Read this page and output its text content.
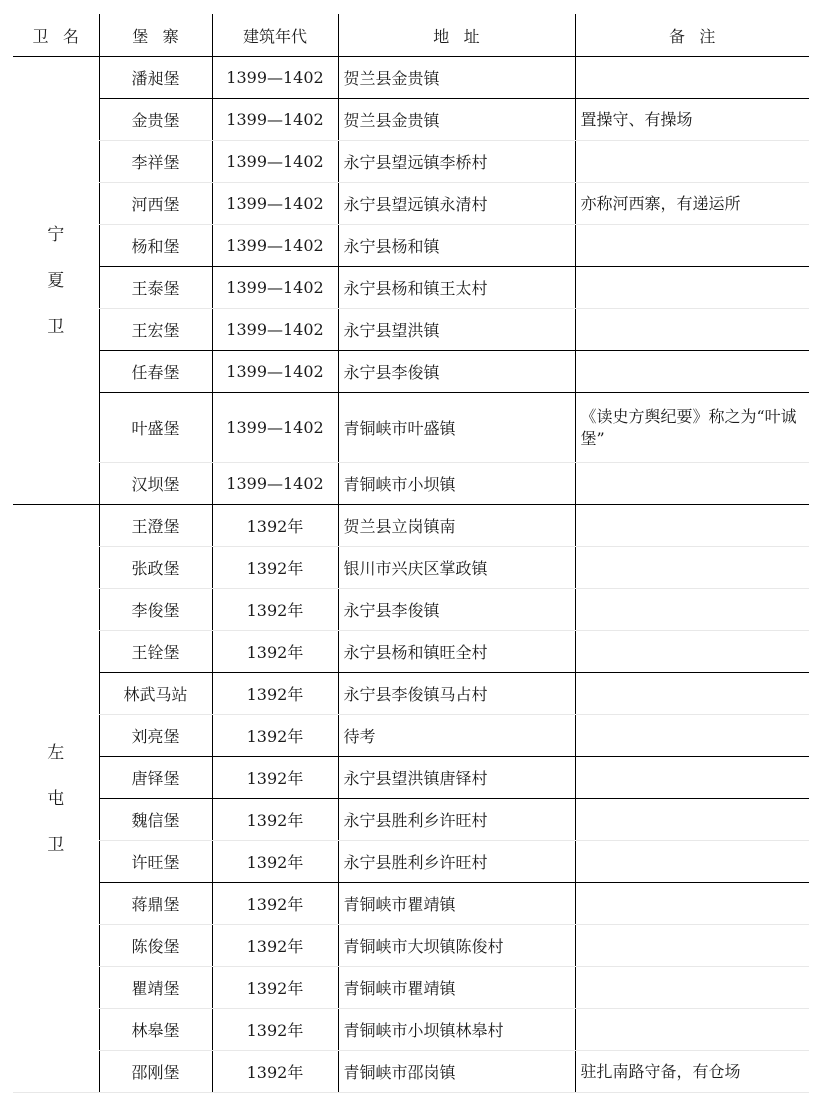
卫名	堡寨	建筑年代	地址	备注
宁夏卫	潘昶堡	1399—1402	贺兰县金贵镇	
	金贵堡	1399—1402	贺兰县金贵镇	置操守、有操场
	李祥堡	1399—1402	永宁县望远镇李桥村	
	河西堡	1399—1402	永宁县望远镇永清村	亦称河西寨，有递运所
	杨和堡	1399—1402	永宁县杨和镇	
	王泰堡	1399—1402	永宁县杨和镇王太村	
	王宏堡	1399—1402	永宁县望洪镇	
	任春堡	1399—1402	永宁县李俊镇	
	叶盛堡	1399—1402	青铜峡市叶盛镇	《读史方舆纪要》称之为“叶诚堡”
	汉坝堡	1399—1402	青铜峡市小坝镇	
左屯卫	王澄堡	1392年	贺兰县立岗镇南	
	张政堡	1392年	银川市兴庆区掌政镇	
	李俊堡	1392年	永宁县李俊镇	
	王铨堡	1392年	永宁县杨和镇旺全村	
	林武马站	1392年	永宁县李俊镇马占村	
	刘亮堡	1392年	待考	
	唐铎堡	1392年	永宁县望洪镇唐铎村	
	魏信堡	1392年	永宁县胜利乡许旺村	
	许旺堡	1392年	永宁县胜利乡许旺村	
	蒋鼎堡	1392年	青铜峡市瞿靖镇	
	陈俊堡	1392年	青铜峡市大坝镇陈俊村	
	瞿靖堡	1392年	青铜峡市瞿靖镇	
	林皋堡	1392年	青铜峡市小坝镇林皋村	
	邵刚堡	1392年	青铜峡市邵岗镇	驻扎南路守备，有仓场
